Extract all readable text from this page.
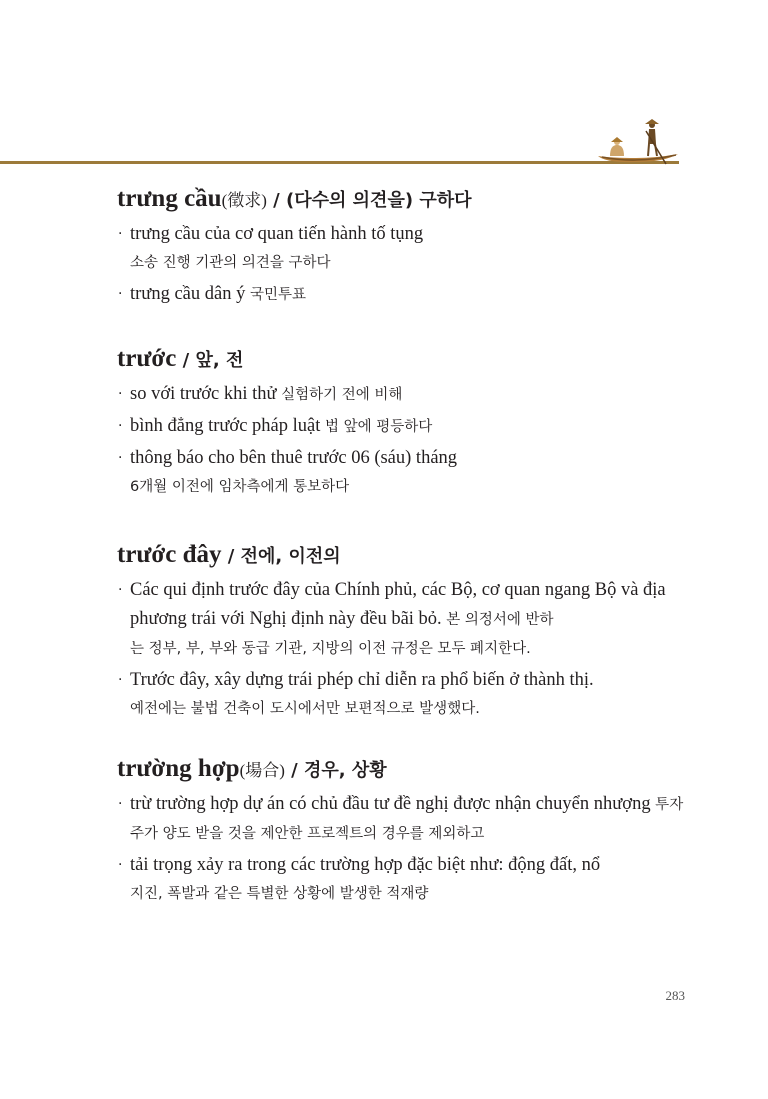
trưng cầu(徵求) / (다수의 의견을) 구하다
· trưng cầu của cơ quan tiến hành tố tụng
소송 진행 기관의 의견을 구하다
· trưng cầu dân ý 국민투표
trước / 앞, 전
· so với trước khi thử 실험하기 전에 비해
· bình đẳng trước pháp luật 법 앞에 평등하다
· thông báo cho bên thuê trước 06 (sáu) tháng
6개월 이전에 임차측에게 통보하다
trước đây / 전에, 이전의
· Các qui định trước đây của Chính phủ, các Bộ, cơ quan ngang Bộ và địa phương trái với Nghị định này đều bãi bỏ. 본 의정서에 반하
는 정부, 부, 부와 동급 기관, 지방의 이전 규정은 모두 폐지한다.
· Trước đây, xây dựng trái phép chỉ diễn ra phổ biến ở thành thị.
예전에는 불법 건축이 도시에서만 보편적으로 발생했다.
trường hợp(場合) / 경우, 상황
· trừ trường hợp dự án có chủ đầu tư đề nghị được nhận chuyển nhượng 투자주가 양도 받을 것을 제안한 프로젝트의 경우를 제외하고
· tải trọng xảy ra trong các trường hợp đặc biệt như: động đất, nổ
지진, 폭발과 같은 특별한 상황에 발생한 적재량
283
